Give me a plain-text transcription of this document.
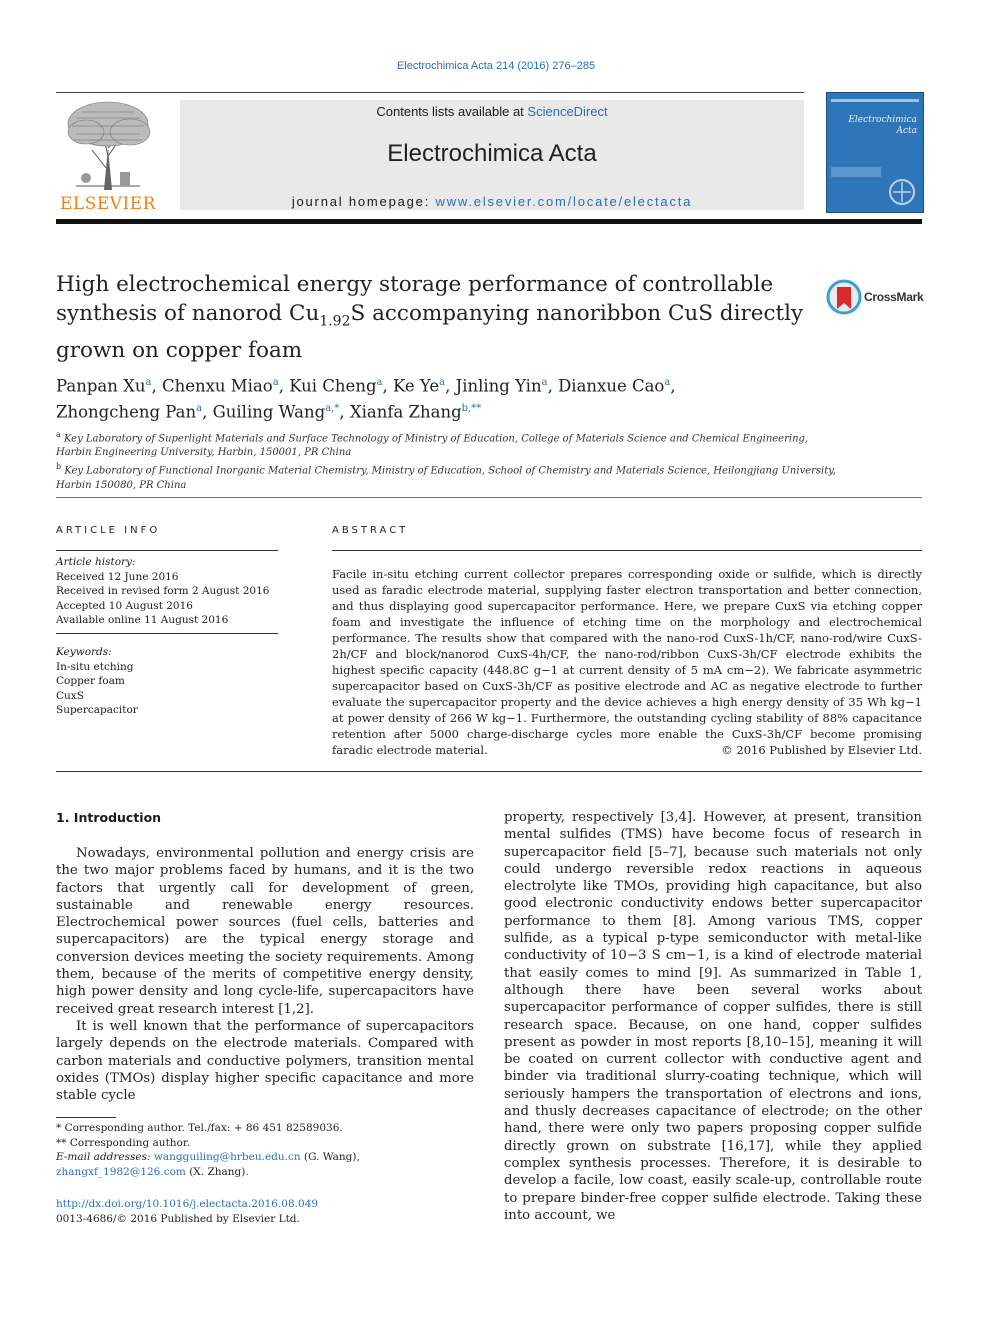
Electrochimica Acta 214 (2016) 276–285
ELSEVIER
Contents lists available at ScienceDirect
Electrochimica Acta
journal homepage: www.elsevier.com/locate/electacta
Electrochimica Acta
High electrochemical energy storage performance of controllable synthesis of nanorod $Cu_{1.92}S$ accompanying nanoribbon CuS directly grown on copper foam
CrossMark
Panpan Xu$^a$, Chenxu Miao$^a$, Kui Cheng$^a$, Ke Ye$^a$, Jinling Yin$^a$, Dianxue Cao$^a$,
Zhongcheng Pan$^a$, Guiling Wang$^{a,*}$, Xianfa Zhang$^{b,**}$
$^a$ Key Laboratory of Superlight Materials and Surface Technology of Ministry of Education, College of Materials Science and Chemical Engineering, Harbin Engineering University, Harbin, 150001, PR China
$^b$ Key Laboratory of Functional Inorganic Material Chemistry, Ministry of Education, School of Chemistry and Materials Science, Heilongjiang University, Harbin 150080, PR China
ARTICLE INFO	ABSTRACT
Article history:
Received 12 June 2016
Received in revised form 2 August 2016
Accepted 10 August 2016
Available online 11 August 2016
Keywords:
In-situ etching
Copper foam
CuxS
Supercapacitor
Facile in-situ etching current collector prepares corresponding oxide or sulfide, which is directly used as faradic electrode material, supplying faster electron transportation and better connection, and thus displaying good supercapacitor performance. Here, we prepare CuxS via etching copper foam and investigate the influence of etching time on the morphology and electrochemical performance. The results show that compared with the nano-rod CuxS-1h/CF, nano-rod/wire CuxS-2h/CF and block/nanorod CuxS-4h/CF, the nano-rod/ribbon CuxS-3h/CF electrode exhibits the highest specific capacity (448.8C g−1 at current density of 5 mA cm−2). We fabricate asymmetric supercapacitor based on CuxS-3h/CF as positive electrode and AC as negative electrode to further evaluate the supercapacitor property and the device achieves a high energy density of 35 Wh kg−1 at power density of 266 W kg−1. Furthermore, the outstanding cycling stability of 88% capacitance retention after 5000 charge-discharge cycles more enable the CuxS-3h/CF become promising faradic electrode material.	© 2016 Published by Elsevier Ltd.
1. Introduction

Nowadays, environmental pollution and energy crisis are the two major problems faced by humans, and it is the two factors that urgently call for development of green, sustainable and renewable energy resources. Electrochemical power sources (fuel cells, batteries and supercapacitors) are the typical energy storage and conversion devices meeting the society requirements. Among them, because of the merits of competitive energy density, high power density and long cycle-life, supercapacitors have received great research interest [1,2].

It is well known that the performance of supercapacitors largely depends on the electrode materials. Compared with carbon materials and conductive polymers, transition mental oxides (TMOs) display higher specific capacitance and more stable cycle

property, respectively [3,4]. However, at present, transition mental sulfides (TMS) have become focus of research in supercapacitor field [5–7], because such materials not only could undergo reversible redox reactions in aqueous electrolyte like TMOs, providing high capacitance, but also good electronic conductivity endows better supercapacitor performance to them [8]. Among various TMS, copper sulfide, as a typical p-type semiconductor with metal-like conductivity of 10−3 S cm−1, is a kind of electrode material that easily comes to mind [9]. As summarized in Table 1, although there have been several works about supercapacitor performance of copper sulfides, there is still research space. Because, on one hand, copper sulfides present as powder in most reports [8,10–15], meaning it will be coated on current collector with conductive agent and binder via traditional slurry-coating technique, which will seriously hampers the transportation of electrons and ions, and thusly decreases capacitance of electrode; on the other hand, there were only two papers proposing copper sulfide directly grown on substrate [16,17], while they applied complex synthesis processes. Therefore, it is desirable to develop a facile, low coast, easily scale-up, controllable route to prepare binder-free copper sulfide electrode. Taking these into account, we

* Corresponding author. Tel./fax: + 86 451 82589036.
** Corresponding author.
E-mail addresses: wangguiling@hrbeu.edu.cn (G. Wang),
zhangxf_1982@126.com (X. Zhang).
http://dx.doi.org/10.1016/j.electacta.2016.08.049
0013-4686/© 2016 Published by Elsevier Ltd.
